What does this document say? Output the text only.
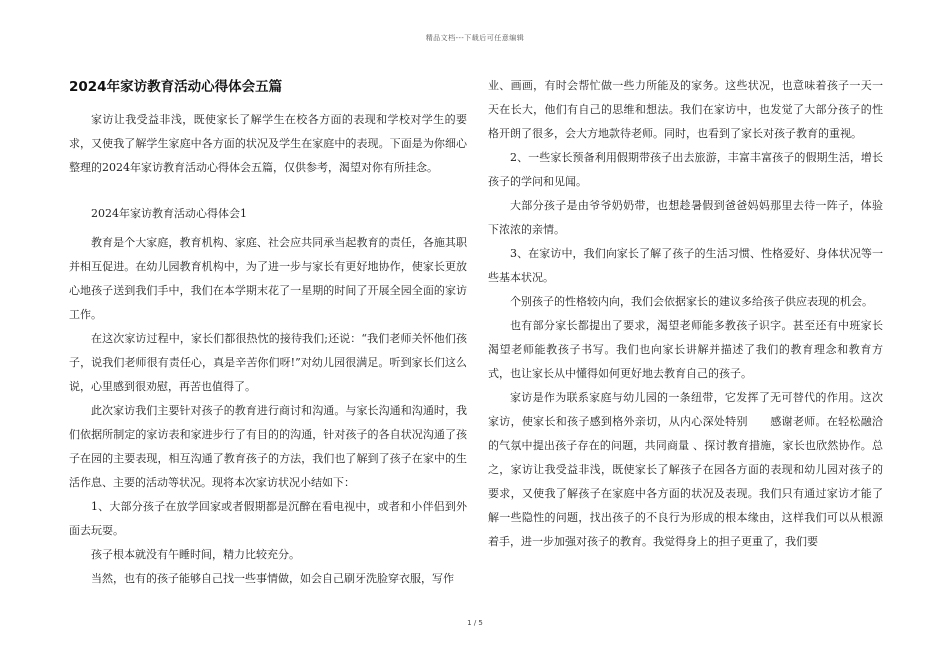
精品文档---下载后可任意编辑
2024年家访教育活动心得体会五篇

家访让我受益非浅，既使家长了解学生在校各方面的表现和学校对学生的要求，又使我了解学生家庭中各方面的状况及学生在家庭中的表现。下面是为你细心整理的2024年家访教育活动心得体会五篇，仅供参考，渴望对你有所挂念。

2024年家访教育活动心得体会1

教育是个大家庭，教育机构、家庭、社会应共同承当起教育的责任，各施其职并相互促进。在幼儿园教育机构中，为了进一步与家长有更好地协作，使家长更放心地孩子送到我们手中，我们在本学期末花了一星期的时间了开展全园全面的家访工作。

在这次家访过程中，家长们都很热忱的接待我们;还说：“我们老师关怀他们孩子，说我们老师很有责任心，真是辛苦你们呀!”对幼儿园很满足。听到家长们这么说，心里感到很劝慰，再苦也值得了。

此次家访我们主要针对孩子的教育进行商讨和沟通。与家长沟通和沟通时，我们依据所制定的家访表和家进步行了有目的的沟通，针对孩子的各自状况沟通了孩子在园的主要表现，相互沟通了教育孩子的方法，我们也了解到了孩子在家中的生活作息、主要的活动等状况。现将本次家访状况小结如下：

1、大部分孩子在放学回家或者假期都是沉醉在看电视中，或者和小伴侣到外面去玩耍。

孩子根本就没有午睡时间，精力比较充分。

当然，也有的孩子能够自己找一些事情做，如会自己刷牙洗脸穿衣服，写作

业、画画，有时会帮忙做一些力所能及的家务。这些状况，也意味着孩子一天一天在长大，他们有自己的思维和想法。我们在家访中，也发觉了大部分孩子的性格开朗了很多，会大方地款待老师。同时，也看到了家长对孩子教育的重视。

2、一些家长预备利用假期带孩子出去旅游，丰富丰富孩子的假期生活，增长孩子的学问和见闻。

大部分孩子是由爷爷奶奶带，也想趁暑假到爸爸妈妈那里去待一阵子，体验下浓浓的亲情。

3、在家访中，我们向家长了解了孩子的生活习惯、性格爱好、身体状况等一些基本状况。

个别孩子的性格较内向，我们会依据家长的建议多给孩子供应表现的机会。

也有部分家长都提出了要求，渴望老师能多教孩子识字。甚至还有中班家长渴望老师能教孩子书写。我们也向家长讲解并描述了我们的教育理念和教育方式，也让家长从中懂得如何更好地去教育自己的孩子。

家访是作为联系家庭与幼儿园的一条纽带，它发挥了无可替代的作用。这次家访，使家长和孩子感到格外亲切，从内心深处特别　　感谢老师。在轻松融洽的气氛中提出孩子存在的问题，共同商量 、探讨教育措施，家长也欣然协作。总之，家访让我受益非浅，既使家长了解孩子在园各方面的表现和幼儿园对孩子的要求，又使我了解孩子在家庭中各方面的状况及表现。我们只有通过家访才能了解一些隐性的问题，找出孩子的不良行为形成的根本缘由，这样我们可以从根源着手，进一步加强对孩子的教育。我觉得身上的担子更重了，我们要

1 / 5
